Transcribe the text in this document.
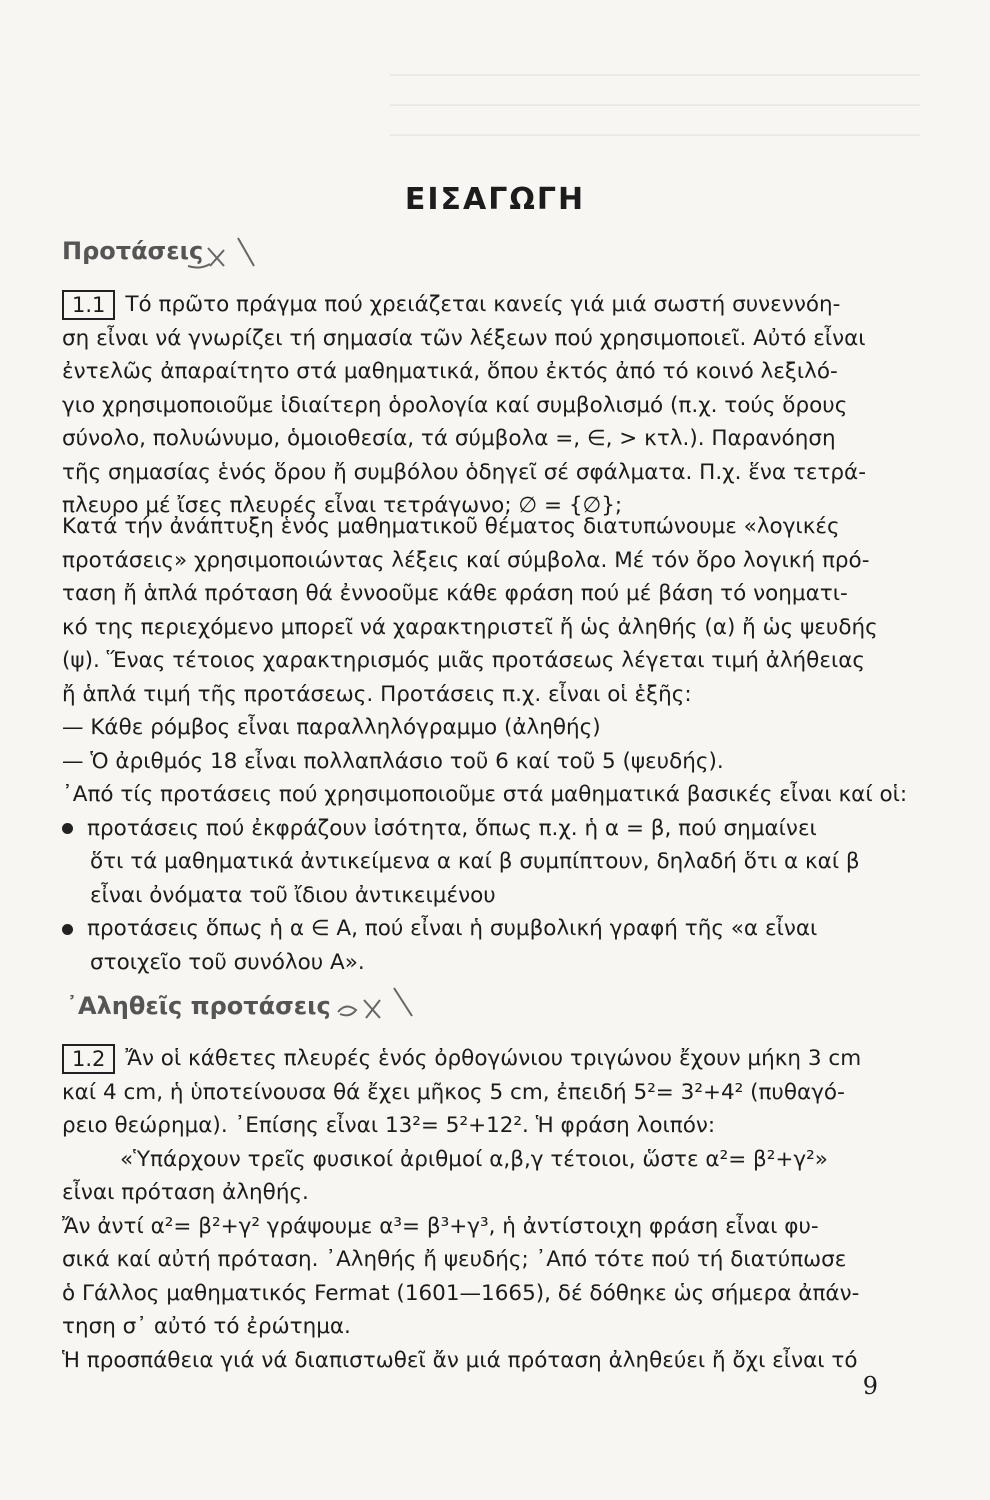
────────────────────────────────────────────
────────────────────────────────────────────
────────────────────────────────────────────
ΕΙΣΑΓΩΓΗ
Προτάσεις
1.1 Τό πρῶτο πράγμα πού χρειάζεται κανείς γιά μιά σωστή συνεννόη-
ση εἶναι νά γνωρίζει τή σημασία τῶν λέξεων πού χρησιμοποιεῖ. Αὐτό εἶναι
ἐντελῶς ἀπαραίτητο στά μαθηματικά, ὅπου ἐκτός ἀπό τό κοινό λεξιλό-
γιο χρησιμοποιοῦμε ἰδιαίτερη ὁρολογία καί συμβολισμό (π.χ. τούς ὅρους
σύνολο, πολυώνυμο, ὁμοιοθεσία, τά σύμβολα =, ∈, > κτλ.). Παρανόηση
τῆς σημασίας ἑνός ὅρου ἤ συμβόλου ὁδηγεῖ σέ σφάλματα. Π.χ. ἕνα τετρά-
πλευρο μέ ἴσες πλευρές εἶναι τετράγωνο; ∅ = {∅};
Κατά τήν ἀνάπτυξη ἑνός μαθηματικοῦ θέματος διατυπώνουμε «λογικές
προτάσεις» χρησιμοποιώντας λέξεις καί σύμβολα. Μέ τόν ὅρο λογική πρό-
ταση ἤ ἁπλά πρόταση θά ἐννοοῦμε κάθε φράση πού μέ βάση τό νοηματι-
κό της περιεχόμενο μπορεῖ νά χαρακτηριστεῖ ἤ ὡς ἀληθής (α) ἤ ὡς ψευδής
(ψ). Ἕνας τέτοιος χαρακτηρισμός μιᾶς προτάσεως λέγεται τιμή ἀλήθειας
ἤ ἁπλά τιμή τῆς προτάσεως. Προτάσεις π.χ. εἶναι οἱ ἑξῆς:
— Κάθε ρόμβος εἶναι παραλληλόγραμμο (ἀληθής)
— Ὁ ἀριθμός 18 εἶναι πολλαπλάσιο τοῦ 6 καί τοῦ 5 (ψευδής).
᾿Από τίς προτάσεις πού χρησιμοποιοῦμε στά μαθηματικά βασικές εἶναι καί οἱ:
προτάσεις πού ἐκφράζουν ἰσότητα, ὅπως π.χ. ἡ α = β, πού σημαίνει
ὅτι τά μαθηματικά ἀντικείμενα α καί β συμπίπτουν, δηλαδή ὅτι α καί β
εἶναι ὀνόματα τοῦ ἴδιου ἀντικειμένου
προτάσεις ὅπως ἡ α ∈ Α, πού εἶναι ἡ συμβολική γραφή τῆς «α εἶναι
στοιχεῖο τοῦ συνόλου Α».
᾿Αληθεῖς προτάσεις
1.2 Ἄν οἱ κάθετες πλευρές ἑνός ὀρθογώνιου τριγώνου ἔχουν μήκη 3 cm
καί 4 cm, ἡ ὑποτείνουσα θά ἔχει μῆκος 5 cm, ἐπειδή 5²= 3²+4² (πυθαγό-
ρειο θεώρημα). ᾿Επίσης εἶναι 13²= 5²+12². Ἡ φράση λοιπόν:
«Ὑπάρχουν τρεῖς φυσικοί ἀριθμοί α,β,γ τέτοιοι, ὥστε α²= β²+γ²»
εἶναι πρόταση ἀληθής.
Ἄν ἀντί α²= β²+γ² γράψουμε α³= β³+γ³, ἡ ἀντίστοιχη φράση εἶναι φυ-
σικά καί αὐτή πρόταση. ᾿Αληθής ἤ ψευδής; ᾿Από τότε πού τή διατύπωσε
ὁ Γάλλος μαθηματικός Fermat (1601—1665), δέ δόθηκε ὡς σήμερα ἀπάν-
τηση σ᾿ αὐτό τό ἐρώτημα.
Ἡ προσπάθεια γιά νά διαπιστωθεῖ ἄν μιά πρόταση ἀληθεύει ἤ ὄχι εἶναι τό
9
